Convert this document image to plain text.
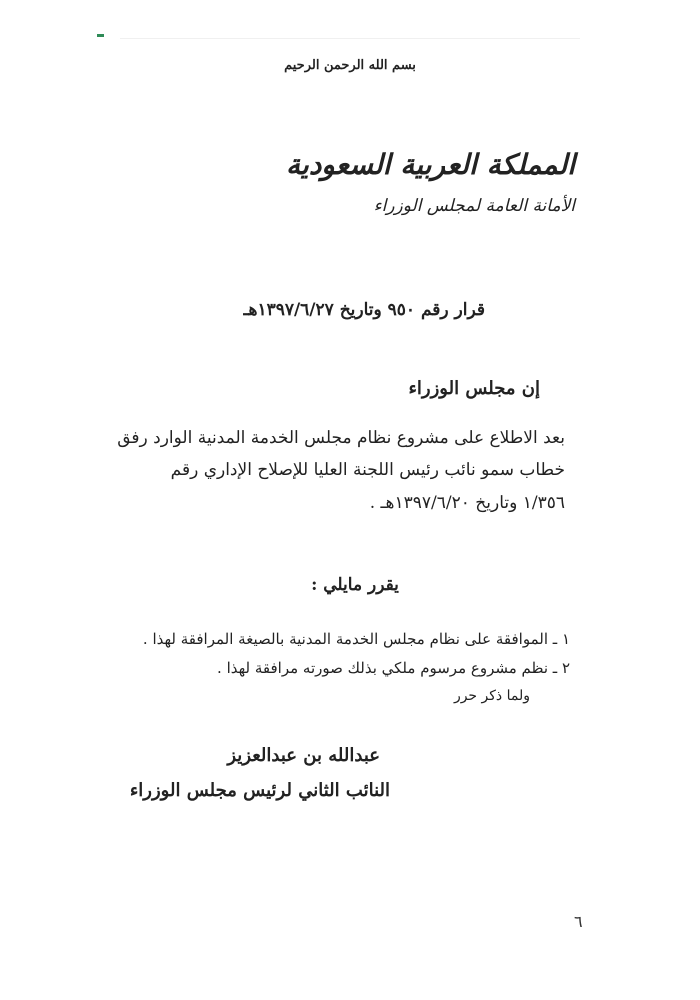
بسم الله الرحمن الرحيم
المملكة العربية السعودية
الأمانة العامة لمجلس الوزراء
قرار رقم ٩٥٠ وتاريخ ١٣٩٧/٦/٢٧هـ
إن مجلس الوزراء
بعد الاطلاع على مشروع نظام مجلس الخدمة المدنية الوارد رفق
خطاب سمو نائب رئيس اللجنة العليا للإصلاح الإداري رقم
١/٣٥٦ وتاريخ ١٣٩٧/٦/٢٠هـ .
يقرر مايلي :
١ ـ الموافقة على نظام مجلس الخدمة المدنية بالصيغة المرافقة لهذا .
٢ ـ نظم مشروع مرسوم ملكي بذلك صورته مرافقة لهذا .
ولما ذكر حرر
عبدالله بن عبدالعزيز
النائب الثاني لرئيس مجلس الوزراء
٦
